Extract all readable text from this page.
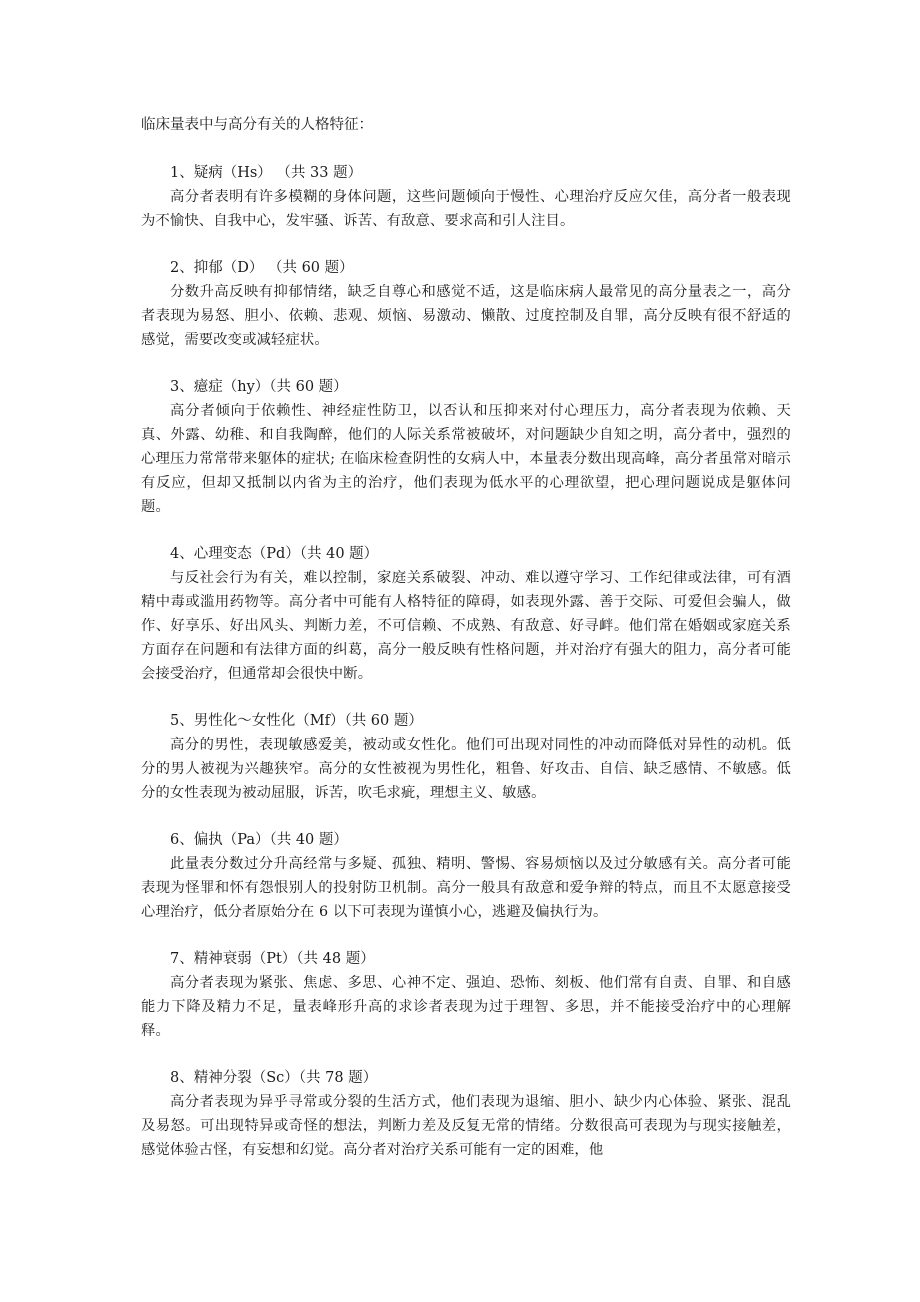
临床量表中与高分有关的人格特征：
1、疑病（Hs） （共 33 题）
高分者表明有许多模糊的身体问题，这些问题倾向于慢性、心理治疗反应欠佳，高分者一般表现为不愉快、自我中心，发牢骚、诉苦、有敌意、要求高和引人注目。
2、抑郁（D） （共 60 题）
分数升高反映有抑郁情绪，缺乏自尊心和感觉不适，这是临床病人最常见的高分量表之一，高分者表现为易怒、胆小、依赖、悲观、烦恼、易激动、懒散、过度控制及自罪，高分反映有很不舒适的感觉，需要改变或减轻症状。
3、癔症（hy）（共 60 题）
高分者倾向于依赖性、神经症性防卫，以否认和压抑来对付心理压力，高分者表现为依赖、天真、外露、幼稚、和自我陶醉，他们的人际关系常被破坏，对问题缺少自知之明，高分者中，强烈的心理压力常常带来躯体的症状; 在临床检查阴性的女病人中，本量表分数出现高峰，高分者虽常对暗示有反应，但却又抵制以内省为主的治疗，他们表现为低水平的心理欲望，把心理问题说成是躯体问题。
4、心理变态（Pd）（共 40 题）
与反社会行为有关，难以控制，家庭关系破裂、冲动、难以遵守学习、工作纪律或法律，可有酒精中毒或滥用药物等。高分者中可能有人格特征的障碍，如表现外露、善于交际、可爱但会骗人，做作、好享乐、好出风头、判断力差，不可信赖、不成熟、有敌意、好寻衅。他们常在婚姻或家庭关系方面存在问题和有法律方面的纠葛，高分一般反映有性格问题，并对治疗有强大的阻力，高分者可能会接受治疗，但通常却会很快中断。
5、男性化～女性化（Mf）（共 60 题）
高分的男性，表现敏感爱美，被动或女性化。他们可出现对同性的冲动而降低对异性的动机。低分的男人被视为兴趣狭窄。高分的女性被视为男性化，粗鲁、好攻击、自信、缺乏感情、不敏感。低分的女性表现为被动屈服，诉苦，吹毛求疵，理想主义、敏感。
6、偏执（Pa）（共 40 题）
此量表分数过分升高经常与多疑、孤独、精明、警惕、容易烦恼以及过分敏感有关。高分者可能表现为怪罪和怀有怨恨别人的投射防卫机制。高分一般具有敌意和爱争辩的特点，而且不太愿意接受心理治疗，低分者原始分在 6 以下可表现为谨慎小心，逃避及偏执行为。
7、精神衰弱（Pt）（共 48 题）
高分者表现为紧张、焦虑、多思、心神不定、强迫、恐怖、刻板、他们常有自责、自罪、和自感能力下降及精力不足，量表峰形升高的求诊者表现为过于理智、多思，并不能接受治疗中的心理解释。
8、精神分裂（Sc）（共 78 题）
高分者表现为异乎寻常或分裂的生活方式，他们表现为退缩、胆小、缺少内心体验、紧张、混乱及易怒。可出现特异或奇怪的想法，判断力差及反复无常的情绪。分数很高可表现为与现实接触差，感觉体验古怪，有妄想和幻觉。高分者对治疗关系可能有一定的困难，他
